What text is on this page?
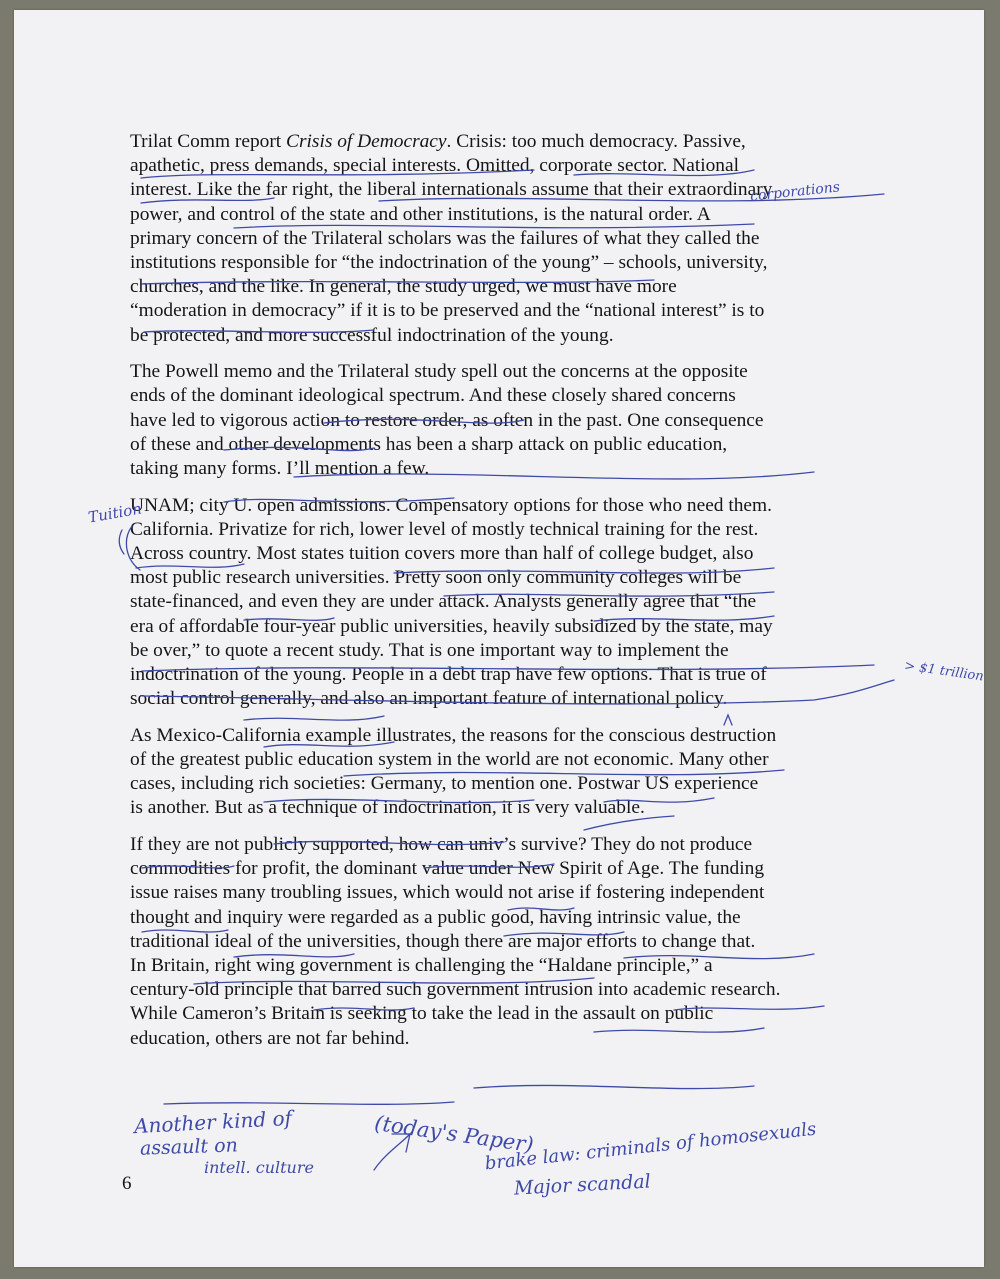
Trilat Comm report Crisis of Democracy. Crisis: too much democracy. Passive,
apathetic, press demands, special interests. Omitted, corporate sector. National
interest. Like the far right, the liberal internationals assume that their extraordinary
power, and control of the state and other institutions, is the natural order. A
primary concern of the Trilateral scholars was the failures of what they called the
institutions responsible for “the indoctrination of the young” – schools, university,
churches, and the like. In general, the study urged, we must have more
“moderation in democracy” if it is to be preserved and the “national interest” is to
be protected, and more successful indoctrination of the young.
The Powell memo and the Trilateral study spell out the concerns at the opposite
ends of the dominant ideological spectrum. And these closely shared concerns
have led to vigorous action to restore order, as often in the past. One consequence
of these and other developments has been a sharp attack on public education,
taking many forms. I’ll mention a few.
UNAM; city U. open admissions. Compensatory options for those who need them.
California. Privatize for rich, lower level of mostly technical training for the rest.
Across country. Most states tuition covers more than half of college budget, also
most public research universities. Pretty soon only community colleges will be
state-financed, and even they are under attack. Analysts generally agree that “the
era of affordable four-year public universities, heavily subsidized by the state, may
be over,” to quote a recent study. That is one important way to implement the
indoctrination of the young. People in a debt trap have few options. That is true of
social control generally, and also an important feature of international policy.
As Mexico-California example illustrates, the reasons for the conscious destruction
of the greatest public education system in the world are not economic. Many other
cases, including rich societies: Germany, to mention one. Postwar US experience
is another. But as a technique of indoctrination, it is very valuable.
If they are not publicly supported, how can univ’s survive? They do not produce
commodities for profit, the dominant value under New Spirit of Age. The funding
issue raises many troubling issues, which would not arise if fostering independent
thought and inquiry were regarded as a public good, having intrinsic value, the
traditional ideal of the universities, though there are major efforts to change that.
In Britain, right wing government is challenging the “Haldane principle,” a
century-old principle that barred such government intrusion into academic research.
While Cameron’s Britain is seeking to take the lead in the assault on public
education, others are not far behind.
6
corporations
Tuition
> $1 trillion
Another kind of
assault on
intell. culture
(today's Paper)
brake law: criminals of homosexuals
Major scandal
